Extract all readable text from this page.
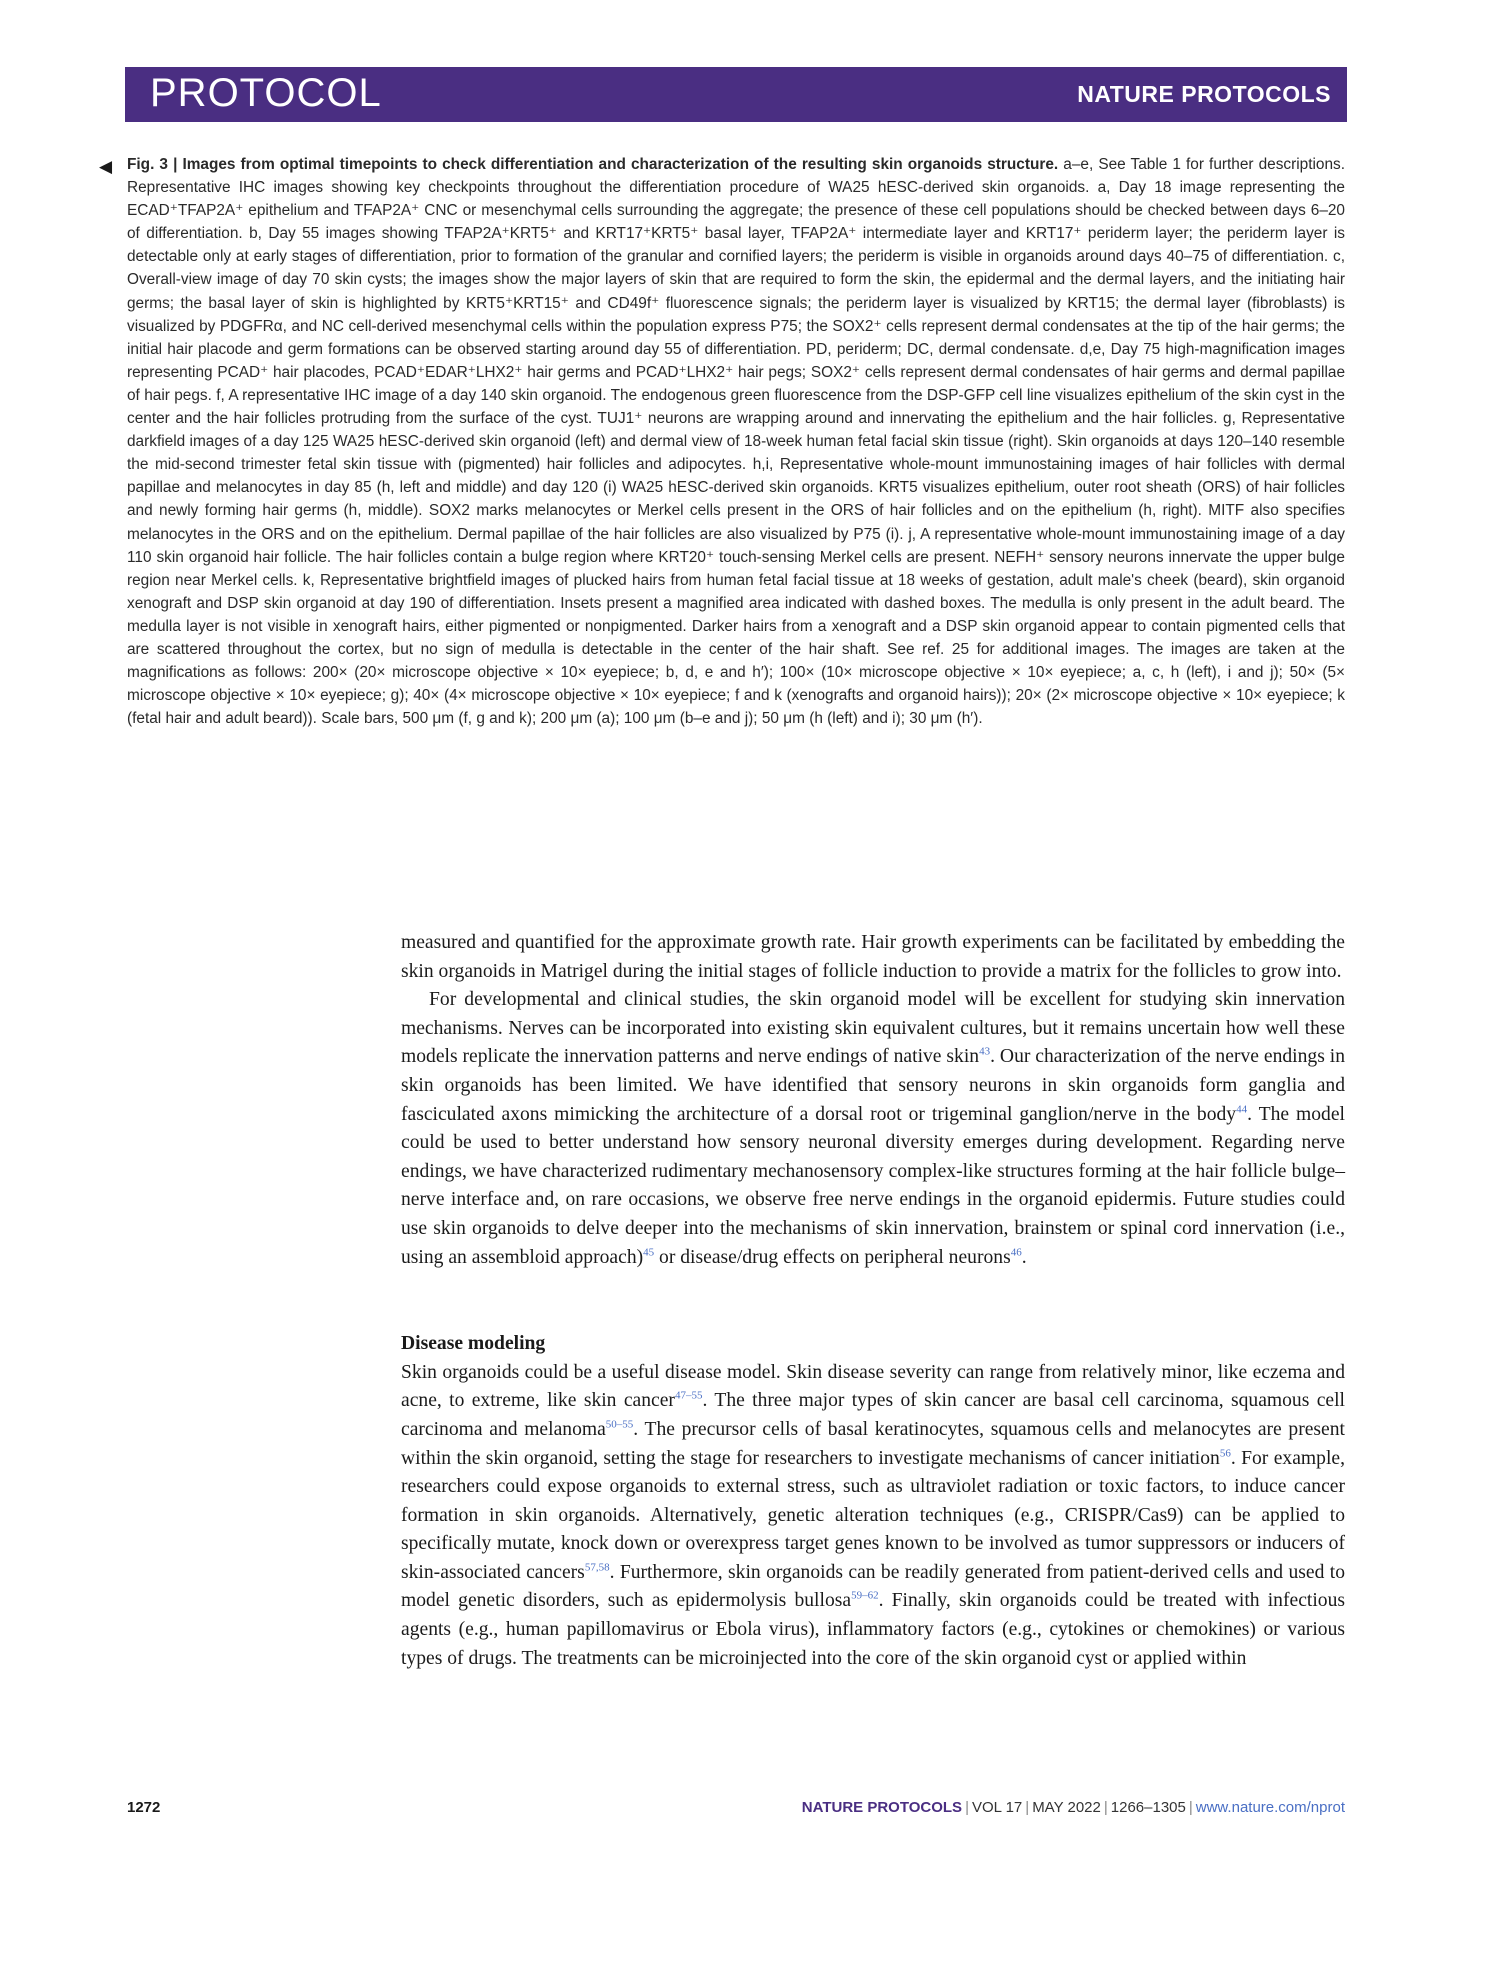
PROTOCOL	NATURE PROTOCOLS
◀ Fig. 3 | Images from optimal timepoints to check differentiation and characterization of the resulting skin organoids structure. a–e, See Table 1 for further descriptions. Representative IHC images showing key checkpoints throughout the differentiation procedure of WA25 hESC-derived skin organoids. a, Day 18 image representing the ECAD⁺TFAP2A⁺ epithelium and TFAP2A⁺ CNC or mesenchymal cells surrounding the aggregate; the presence of these cell populations should be checked between days 6–20 of differentiation. b, Day 55 images showing TFAP2A⁺KRT5⁺ and KRT17⁺KRT5⁺ basal layer, TFAP2A⁺ intermediate layer and KRT17⁺ periderm layer; the periderm layer is detectable only at early stages of differentiation, prior to formation of the granular and cornified layers; the periderm is visible in organoids around days 40–75 of differentiation. c, Overall-view image of day 70 skin cysts; the images show the major layers of skin that are required to form the skin, the epidermal and the dermal layers, and the initiating hair germs; the basal layer of skin is highlighted by KRT5⁺KRT15⁺ and CD49f⁺ fluorescence signals; the periderm layer is visualized by KRT15; the dermal layer (fibroblasts) is visualized by PDGFRα, and NC cell-derived mesenchymal cells within the population express P75; the SOX2⁺ cells represent dermal condensates at the tip of the hair germs; the initial hair placode and germ formations can be observed starting around day 55 of differentiation. PD, periderm; DC, dermal condensate. d,e, Day 75 high-magnification images representing PCAD⁺ hair placodes, PCAD⁺EDAR⁺LHX2⁺ hair germs and PCAD⁺LHX2⁺ hair pegs; SOX2⁺ cells represent dermal condensates of hair germs and dermal papillae of hair pegs. f, A representative IHC image of a day 140 skin organoid. The endogenous green fluorescence from the DSP-GFP cell line visualizes epithelium of the skin cyst in the center and the hair follicles protruding from the surface of the cyst. TUJ1⁺ neurons are wrapping around and innervating the epithelium and the hair follicles. g, Representative darkfield images of a day 125 WA25 hESC-derived skin organoid (left) and dermal view of 18-week human fetal facial skin tissue (right). Skin organoids at days 120–140 resemble the mid-second trimester fetal skin tissue with (pigmented) hair follicles and adipocytes. h,i, Representative whole-mount immunostaining images of hair follicles with dermal papillae and melanocytes in day 85 (h, left and middle) and day 120 (i) WA25 hESC-derived skin organoids. KRT5 visualizes epithelium, outer root sheath (ORS) of hair follicles and newly forming hair germs (h, middle). SOX2 marks melanocytes or Merkel cells present in the ORS of hair follicles and on the epithelium (h, right). MITF also specifies melanocytes in the ORS and on the epithelium. Dermal papillae of the hair follicles are also visualized by P75 (i). j, A representative whole-mount immunostaining image of a day 110 skin organoid hair follicle. The hair follicles contain a bulge region where KRT20⁺ touch-sensing Merkel cells are present. NEFH⁺ sensory neurons innervate the upper bulge region near Merkel cells. k, Representative brightfield images of plucked hairs from human fetal facial tissue at 18 weeks of gestation, adult male's cheek (beard), skin organoid xenograft and DSP skin organoid at day 190 of differentiation. Insets present a magnified area indicated with dashed boxes. The medulla is only present in the adult beard. The medulla layer is not visible in xenograft hairs, either pigmented or nonpigmented. Darker hairs from a xenograft and a DSP skin organoid appear to contain pigmented cells that are scattered throughout the cortex, but no sign of medulla is detectable in the center of the hair shaft. See ref. 25 for additional images. The images are taken at the magnifications as follows: 200× (20× microscope objective × 10× eyepiece; b, d, e and h′); 100× (10× microscope objective × 10× eyepiece; a, c, h (left), i and j); 50× (5× microscope objective × 10× eyepiece; g); 40× (4× microscope objective × 10× eyepiece; f and k (xenografts and organoid hairs)); 20× (2× microscope objective × 10× eyepiece; k (fetal hair and adult beard)). Scale bars, 500 μm (f, g and k); 200 μm (a); 100 μm (b–e and j); 50 μm (h (left) and i); 30 μm (h′).

measured and quantified for the approximate growth rate. Hair growth experiments can be facilitated by embedding the skin organoids in Matrigel during the initial stages of follicle induction to provide a matrix for the follicles to grow into.

For developmental and clinical studies, the skin organoid model will be excellent for studying skin innervation mechanisms. Nerves can be incorporated into existing skin equivalent cultures, but it remains uncertain how well these models replicate the innervation patterns and nerve endings of native skin$^{43}$. Our characterization of the nerve endings in skin organoids has been limited. We have identified that sensory neurons in skin organoids form ganglia and fasciculated axons mimicking the architecture of a dorsal root or trigeminal ganglion/nerve in the body$^{44}$. The model could be used to better understand how sensory neuronal diversity emerges during development. Regarding nerve endings, we have characterized rudimentary mechanosensory complex-like structures forming at the hair follicle bulge–nerve interface and, on rare occasions, we observe free nerve endings in the organoid epidermis. Future studies could use skin organoids to delve deeper into the mechanisms of skin innervation, brainstem or spinal cord innervation (i.e., using an assembloid approach)$^{45}$ or disease/drug effects on peripheral neurons$^{46}$.

Disease modeling

Skin organoids could be a useful disease model. Skin disease severity can range from relatively minor, like eczema and acne, to extreme, like skin cancer$^{47-55}$. The three major types of skin cancer are basal cell carcinoma, squamous cell carcinoma and melanoma$^{50-55}$. The precursor cells of basal keratinocytes, squamous cells and melanocytes are present within the skin organoid, setting the stage for researchers to investigate mechanisms of cancer initiation$^{56}$. For example, researchers could expose organoids to external stress, such as ultraviolet radiation or toxic factors, to induce cancer formation in skin organoids. Alternatively, genetic alteration techniques (e.g., CRISPR/Cas9) can be applied to specifically mutate, knock down or overexpress target genes known to be involved as tumor suppressors or inducers of skin-associated cancers$^{57,58}$. Furthermore, skin organoids can be readily generated from patient-derived cells and used to model genetic disorders, such as epidermolysis bullosa$^{59-62}$. Finally, skin organoids could be treated with infectious agents (e.g., human papillomavirus or Ebola virus), inflammatory factors (e.g., cytokines or chemokines) or various types of drugs. The treatments can be microinjected into the core of the skin organoid cyst or applied within

1272	NATURE PROTOCOLS | VOL 17 | MAY 2022 | 1266–1305 | www.nature.com/nprot
